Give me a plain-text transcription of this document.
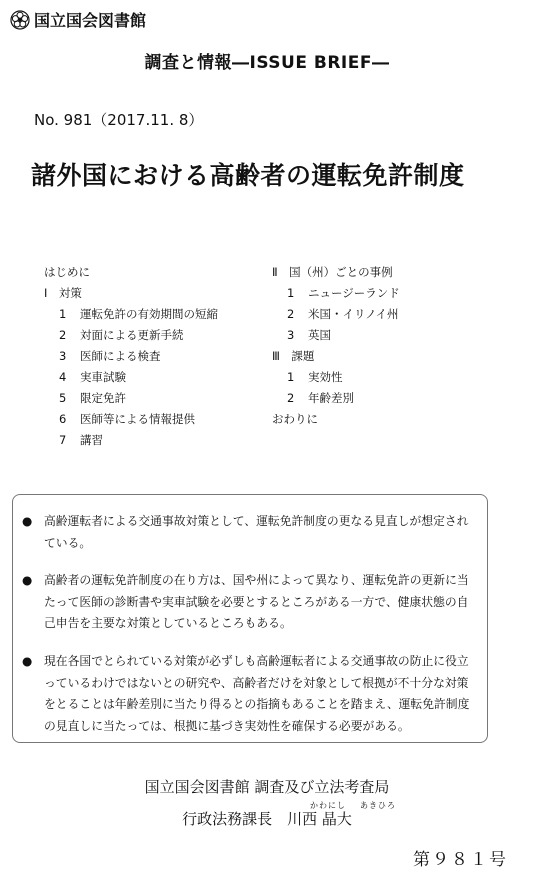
国立国会図書館
調査と情報―ISSUE BRIEF―
No. 981（2017.11. 8）
諸外国における高齢者の運転免許制度
はじめに
Ⅰ　対策
1 運転免許の有効期間の短縮
2 対面による更新手続
3 医師による検査
4 実車試験
5 限定免許
6 医師等による情報提供
7 講習
Ⅱ　国（州）ごとの事例
1 ニュージーランド
2 米国・イリノイ州
3 英国
Ⅲ　課題
1 実効性
2 年齢差別
おわりに
● 高齢運転者による交通事故対策として、運転免許制度の更なる見直しが想定されている。
● 高齢者の運転免許制度の在り方は、国や州によって異なり、運転免許の更新に当たって医師の診断書や実車試験を必要とするところがある一方で、健康状態の自己申告を主要な対策としているところもある。
● 現在各国でとられている対策が必ずしも高齢運転者による交通事故の防止に役立っているわけではないとの研究や、高齢者だけを対象として根拠が不十分な対策をとることは年齢差別に当たり得るとの指摘もあることを踏まえ、運転免許制度の見直しに当たっては、根拠に基づき実効性を確保する必要がある。
国立国会図書館 調査及び立法考査局
かわにし あきひろ
行政法務課長　 川西 晶大
第９８１号
